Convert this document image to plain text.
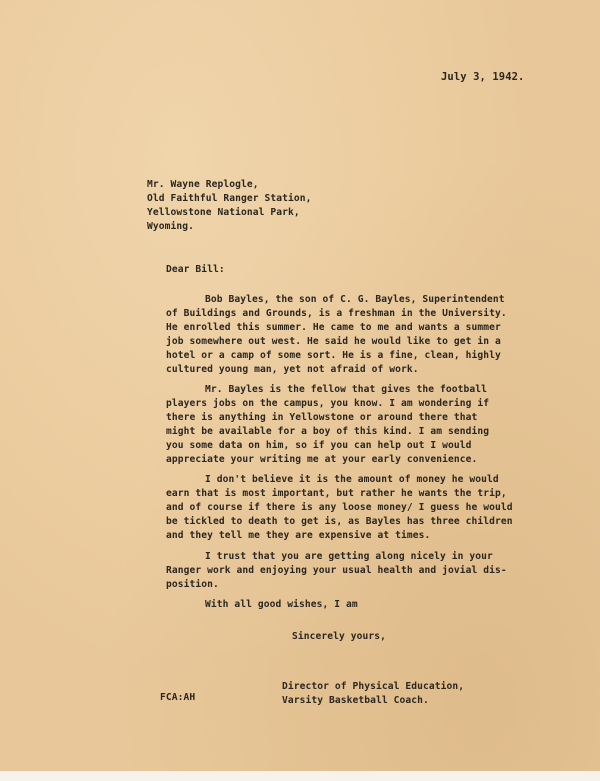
July 3, 1942.
Mr. Wayne Replogle,
Old Faithful Ranger Station,
Yellowstone National Park,
Wyoming.
Dear Bill:
Bob Bayles, the son of C. G. Bayles, Superintendent
of Buildings and Grounds, is a freshman in the University.
He enrolled this summer. He came to me and wants a summer
job somewhere out west. He said he would like to get in a
hotel or a camp of some sort. He is a fine, clean, highly
cultured young man, yet not afraid of work.
Mr. Bayles is the fellow that gives the football
players jobs on the campus, you know. I am wondering if
there is anything in Yellowstone or around there that
might be available for a boy of this kind. I am sending
you some data on him, so if you can help out I would
appreciate your writing me at your early convenience.
I don't believe it is the amount of money he would
earn that is most important, but rather he wants the trip,
and of course if there is any loose money/ I guess he would
be tickled to death to get is, as Bayles has three children
and they tell me they are expensive at times.
I trust that you are getting along nicely in your
Ranger work and enjoying your usual health and jovial dis-
position.
With all good wishes, I am
Sincerely yours,
Director of Physical Education,
Varsity Basketball Coach.
FCA:AH
